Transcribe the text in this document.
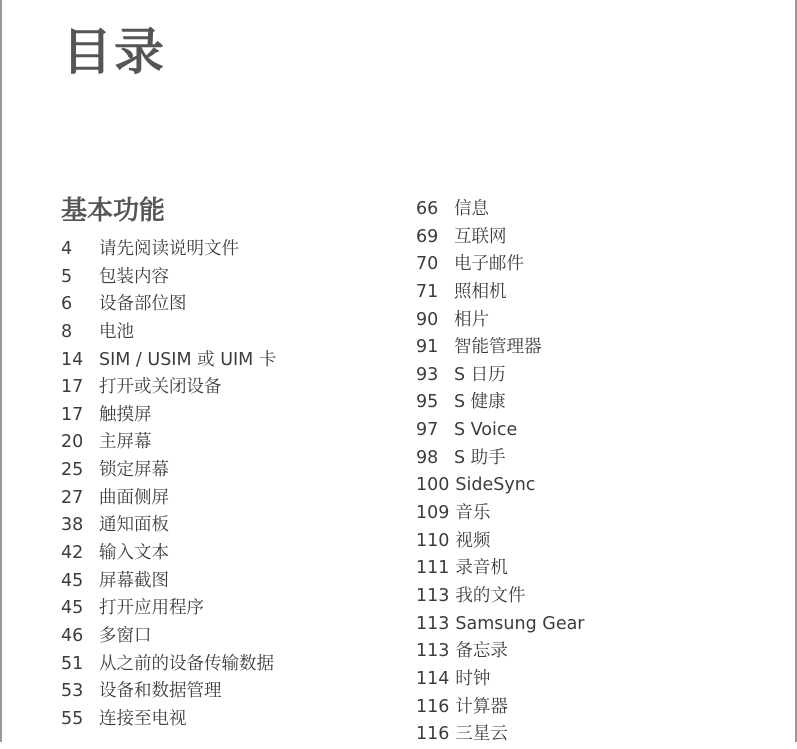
目录
基本功能
4	请先阅读说明文件
5	包装内容
6	设备部位图
8	电池
14 SIM / USIM 或 UIM 卡
17 打开或关闭设备
17 触摸屏
20 主屏幕
25 锁定屏幕
27 曲面侧屏
38 通知面板
42 输入文本
45 屏幕截图
45 打开应用程序
46 多窗口
51 从之前的设备传输数据
53 设备和数据管理
55 连接至电视
66 信息
69 互联网
70 电子邮件
71 照相机
90 相片
91 智能管理器
93 S 日历
95 S 健康
97 S Voice
98 S 助手
100 SideSync
109 音乐
110 视频
111 录音机
113 我的文件
113 Samsung Gear
113 备忘录
114 时钟
116 计算器
116 三星云
